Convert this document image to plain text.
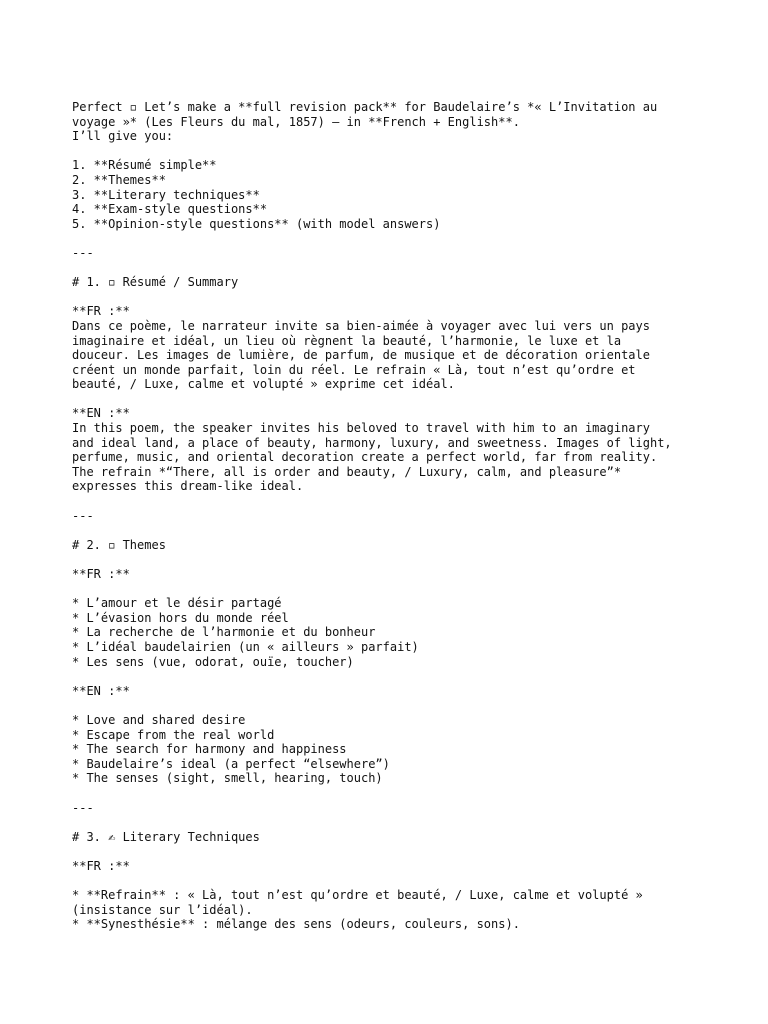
Perfect ◽ Let’s make a **full revision pack** for Baudelaire’s *« L’Invitation au
voyage »* (Les Fleurs du mal, 1857) — in **French + English**.
I’ll give you:
1. **Résumé simple**
2. **Themes**
3. **Literary techniques**
4. **Exam-style questions**
5. **Opinion-style questions** (with model answers)
---
# 1. ◽ Résumé / Summary
**FR :**
Dans ce poème, le narrateur invite sa bien-aimée à voyager avec lui vers un pays
imaginaire et idéal, un lieu où règnent la beauté, l’harmonie, le luxe et la
douceur. Les images de lumière, de parfum, de musique et de décoration orientale
créent un monde parfait, loin du réel. Le refrain « Là, tout n’est qu’ordre et
beauté, / Luxe, calme et volupté » exprime cet idéal.
**EN :**
In this poem, the speaker invites his beloved to travel with him to an imaginary
and ideal land, a place of beauty, harmony, luxury, and sweetness. Images of light,
perfume, music, and oriental decoration create a perfect world, far from reality.
The refrain *“There, all is order and beauty, / Luxury, calm, and pleasure”*
expresses this dream-like ideal.
---
# 2. ◽ Themes
**FR :**
* L’amour et le désir partagé
* L’évasion hors du monde réel
* La recherche de l’harmonie et du bonheur
* L’idéal baudelairien (un « ailleurs » parfait)
* Les sens (vue, odorat, ouïe, toucher)
**EN :**
* Love and shared desire
* Escape from the real world
* The search for harmony and happiness
* Baudelaire’s ideal (a perfect “elsewhere”)
* The senses (sight, smell, hearing, touch)
---
# 3. ✍ Literary Techniques
**FR :**
* **Refrain** : « Là, tout n’est qu’ordre et beauté, / Luxe, calme et volupté »
(insistance sur l’idéal).
* **Synesthésie** : mélange des sens (odeurs, couleurs, sons).
